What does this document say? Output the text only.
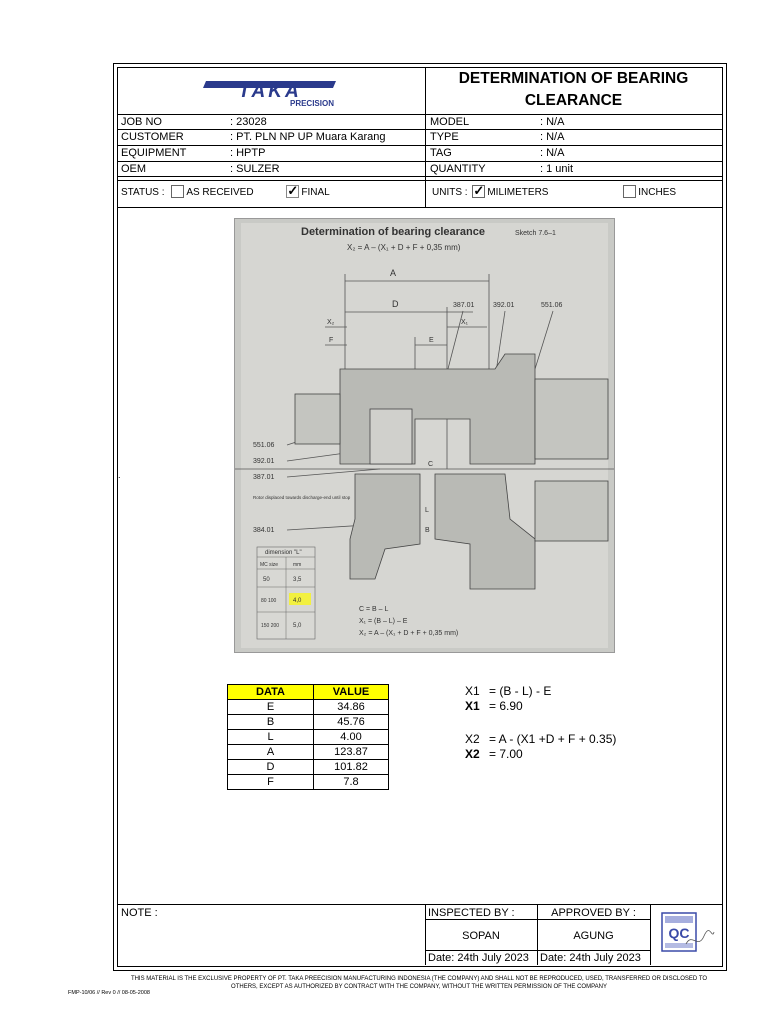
TAKA
PRECISION
DETERMINATION OF BEARING
CLEARANCE
JOB NO	: 23028
CUSTOMER	: PT. PLN NP UP Muara Karang
EQUIPMENT	: HPTP
OEM	: SULZER
MODEL	: N/A
TYPE	: N/A
TAG	: N/A
QUANTITY	: 1 unit
STATUS : AS RECEIVED	✓ FINAL	UNITS : ✓ MILIMETERS	INCHES
Determination of bearing clearance	Sketch 7.6–1
X₂ = A – (X₁ + D + F + 0,35 mm)
A
D
X₂	X₁
F	E
387.01	392.01	551.06
551.06
392.01
387.01
384.01
C
L
B
Rotor displaced towards discharge-end until stop
dimension "L"
MC size	mm
50	3,5
80 100	4,0
150 200 5,0
C = B – L
X₁ = (B – L) – E
X₂ = A – (X₁ + D + F + 0,35 mm)
.
DATA	VALUE
E	34.86
B	45.76
L	4.00
A	123.87
D	101.82
F	7.8
X1 = (B - L) - E
X1 = 6.90
X2 = A - (X1 +D + F + 0.35)
X2 = 7.00
NOTE :	INSPECTED BY :	APPROVED BY :
SOPAN	AGUNG
Date: 24th July 2023 Date: 24th July 2023
QC
THIS MATERIAL IS THE EXCLUSIVE PROPERTY OF PT. TAKA PREECISION MANUFACTURING INDONESIA (THE COMPANY) AND SHALL NOT BE REPRODUCED, USED, TRANSFERRED OR DISCLOSED TO
OTHERS, EXCEPT AS AUTHORIZED BY CONTRACT WITH THE COMPANY, WITHOUT THE WRITTEN PERMISSION OF THE COMPANY
FMP-10/06 // Rev 0 // 08-05-2008
